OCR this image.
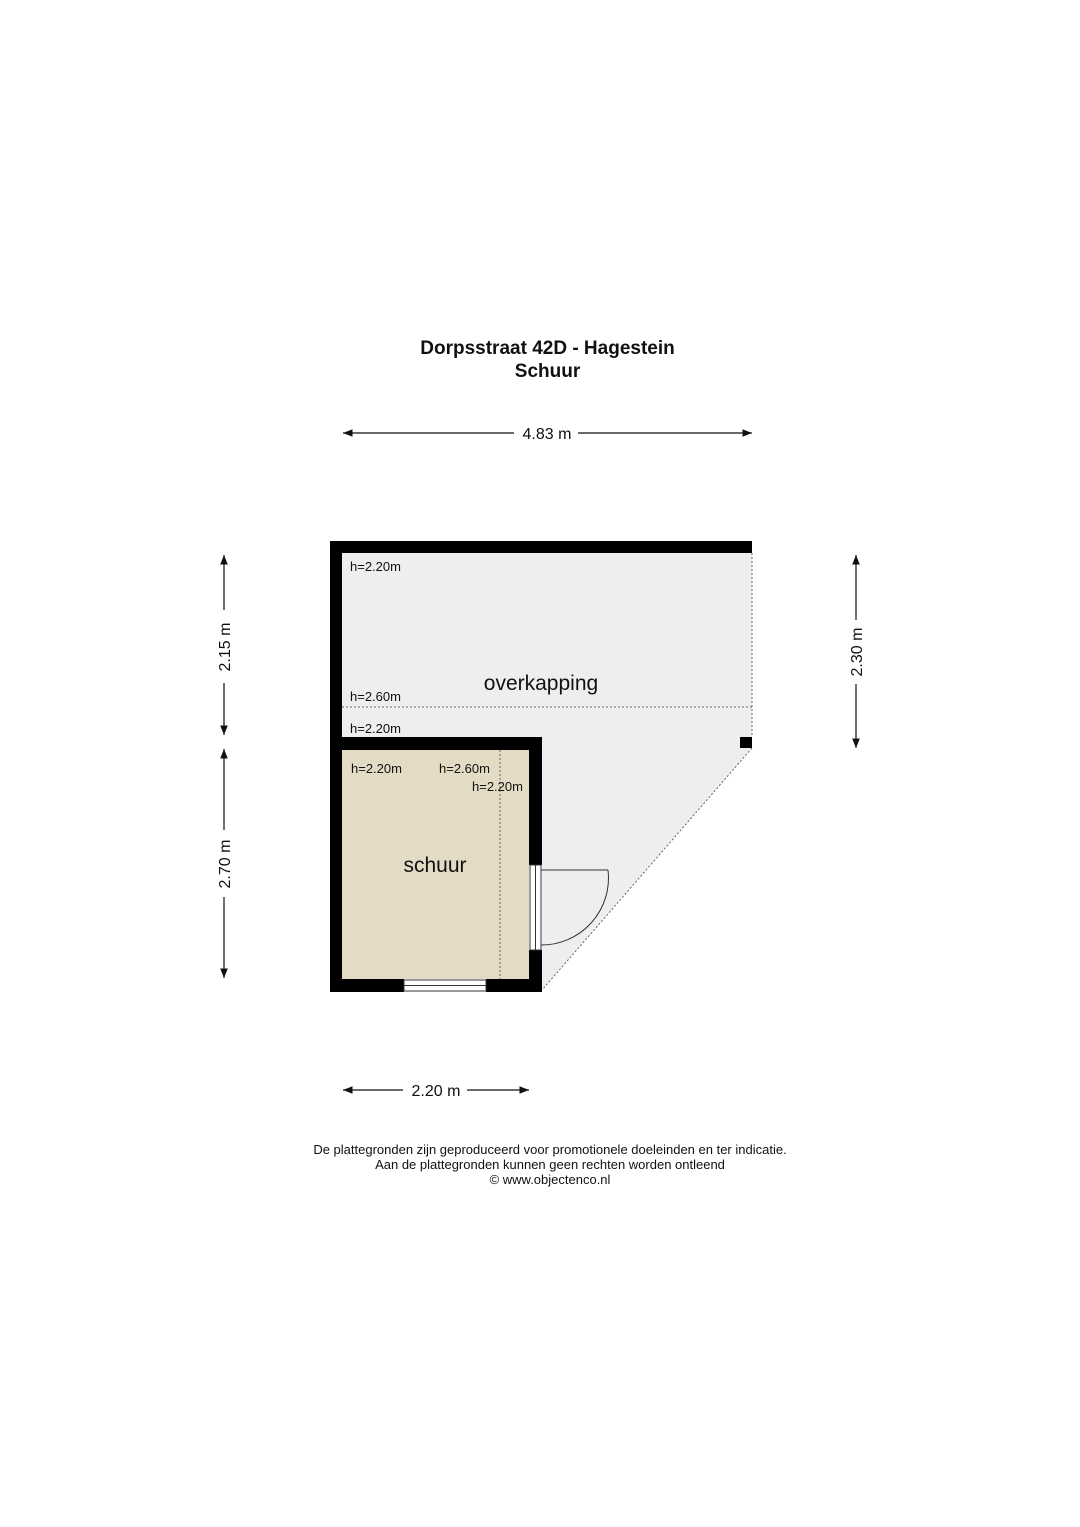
Dorpsstraat 42D - Hagestein
Schuur
4.83 m
2.15 m
2.70 m
2.30 m
2.20 m
overkapping
schuur
h=2.20m
h=2.60m
h=2.20m
h=2.20m	h=2.60m
h=2.20m
De plattegronden zijn geproduceerd voor promotionele doeleinden en ter indicatie.
Aan de plattegronden kunnen geen rechten worden ontleend
© www.objectenco.nl
